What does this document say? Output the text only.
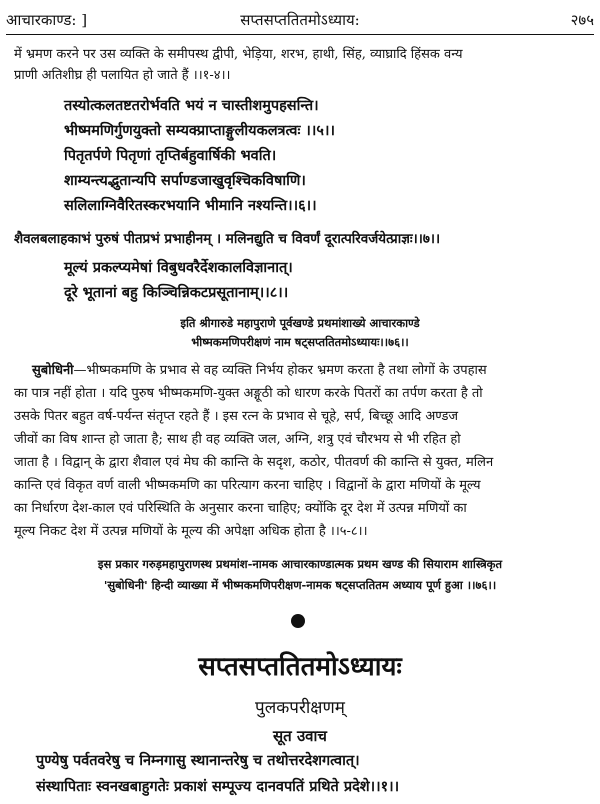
आचारकाण्ड: ]	सप्तसप्ततितमोऽध्याय:	२७५

में भ्रमण करने पर उस व्यक्ति के समीपस्थ द्वीपी, भेड़िया, शरभ, हाथी, सिंह, व्याघ्रादि हिंसक वन्य

प्राणी अतिशीघ्र ही पलायित हो जाते हैं ।।१-४।।

तस्योत्कलतष्टतरोर्भवति भयं न चास्तीशमुपहसन्ति।

भीष्ममणिर्गुणयुक्तो सम्यक्प्राप्ताङ्गुलीयकलत्रत्वः ।।५।।

पितृतर्पणे पितृणां तृप्तिर्बहुवार्षिकी भवति।

शाम्यन्त्यद्भुतान्यपि सर्पाण्डजाखुवृश्चिकविषाणि।

सलिलाग्निवैरितस्करभयानि भीमानि नश्यन्ति।।६।।

शैवलबलाहकाभं पुरुषं पीतप्रभं प्रभाहीनम् । मलिनद्युति च विवर्णं दूरात्परिवर्जयेत्प्राज्ञः।।७।।

मूल्यं प्रकल्प्यमेषां विबुधवरैर्देशकालविज्ञानात्।

दूरे भूतानां बहु किञ्चिन्निकटप्रसूतानाम्।।८।।

इति श्रीगारुडे महापुराणे पूर्वखण्डे प्रथमांशाख्ये आचारकाण्डे
भीष्मकमणिपरीक्षणं नाम षट्सप्ततितमोऽध्यायः।।७६।।

सुबोधिनी—भीष्मकमणि के प्रभाव से वह व्यक्ति निर्भय होकर भ्रमण करता है तथा लोगों के उपहास

का पात्र नहीं होता । यदि पुरुष भीष्मकमणि-युक्त अङ्गूठी को धारण करके पितरों का तर्पण करता है तो

उसके पितर बहुत वर्ष-पर्यन्त संतृप्त रहते हैं । इस रत्न के प्रभाव से चूहे, सर्प, बिच्छू आदि अण्डज

जीवों का विष शान्त हो जाता है; साथ ही वह व्यक्ति जल, अग्नि, शत्रु एवं चौरभय से भी रहित हो

जाता है । विद्वान् के द्वारा शैवाल एवं मेघ की कान्ति के सदृश, कठोर, पीतवर्ण की कान्ति से युक्त, मलिन

कान्ति एवं विकृत वर्ण वाली भीष्मकमणि का परित्याग करना चाहिए । विद्वानों के द्वारा मणियों के मूल्य

का निर्धारण देश-काल एवं परिस्थिति के अनुसार करना चाहिए; क्योंकि दूर देश में उत्पन्न मणियों का

मूल्य निकट देश में उत्पन्न मणियों के मूल्य की अपेक्षा अधिक होता है ।।५-८।।

इस प्रकार गरुड़महापुराणस्थ प्रथमांश-नामक आचारकाण्डात्मक प्रथम खण्ड की सियाराम शास्त्रिकृत
'सुबोधिनी' हिन्दी व्याख्या में भीष्मकमणिपरीक्षण-नामक षट्सप्ततितम अध्याय पूर्ण हुआ ।।७६।।
सप्तसप्ततितमोऽध्यायः
पुलकपरीक्षणम्
सूत उवाच

पुण्येषु पर्वतवरेषु च निम्नगासु स्थानान्तरेषु च तथोत्तरदेशगत्वात्।

संस्थापिताः स्वनखबाहुगतेः प्रकाशं सम्पूज्य दानवपतिं प्रथिते प्रदेशे।।१।।
